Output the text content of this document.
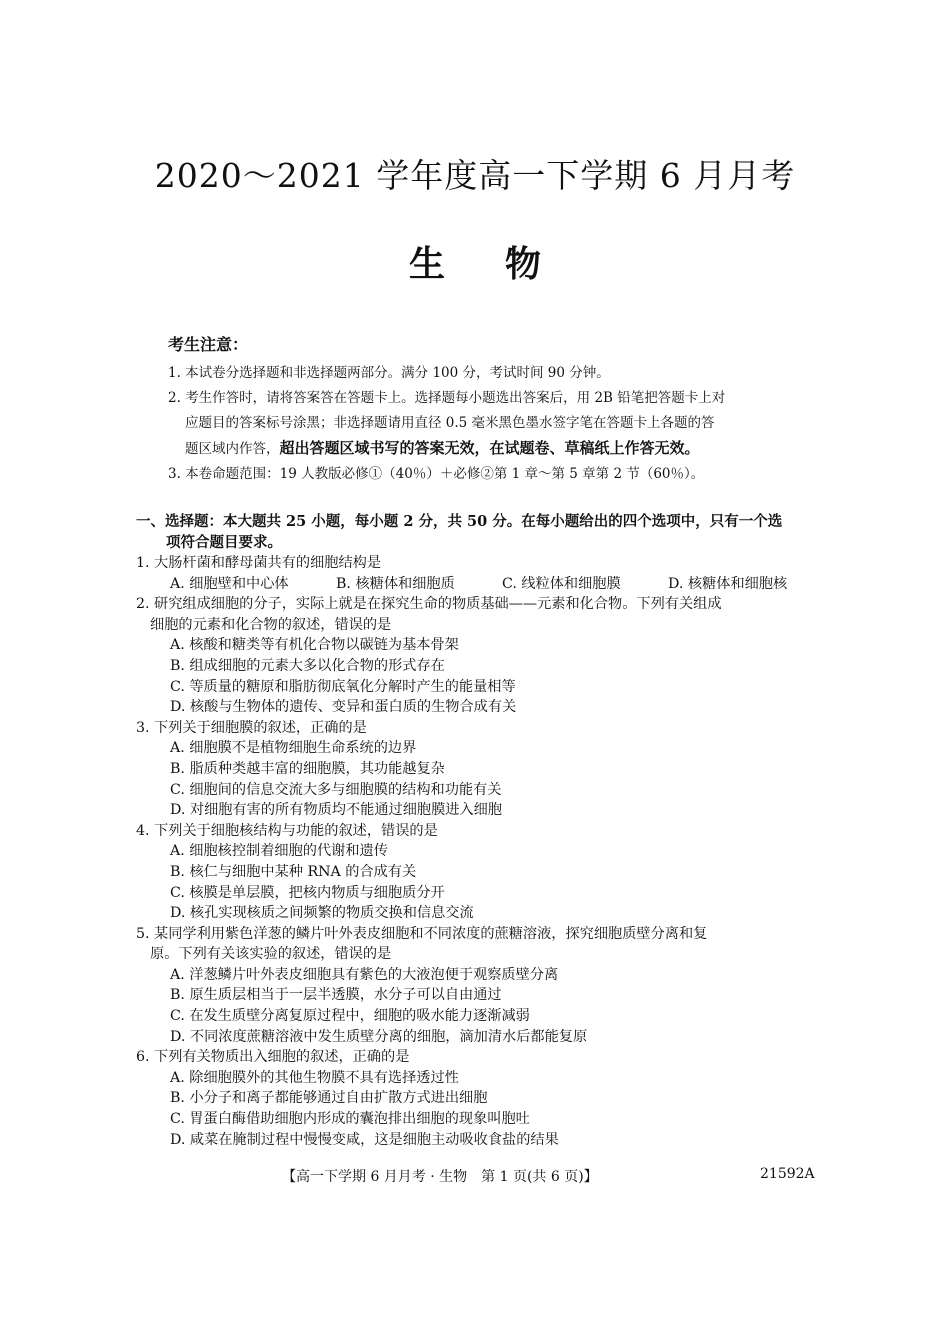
2020～2021 学年度高一下学期 6 月月考
生物
考生注意：

1. 本试卷分选择题和非选择题两部分。满分 100 分，考试时间 90 分钟。

2. 考生作答时，请将答案答在答题卡上。选择题每小题选出答案后，用 2B 铅笔把答题卡上对

应题目的答案标号涂黑；非选择题请用直径 0.5 毫米黑色墨水签字笔在答题卡上各题的答

题区域内作答，超出答题区域书写的答案无效，在试题卷、草稿纸上作答无效。

3. 本卷命题范围：19 人教版必修①（40％）＋必修②第 1 章～第 5 章第 2 节（60％）。

一、选择题：本大题共 25 小题，每小题 2 分，共 50 分。在每小题给出的四个选项中，只有一个选
项符合题目要求。
1. 大肠杆菌和酵母菌共有的细胞结构是
A. 细胞壁和中心体	B. 核糖体和细胞质	C. 线粒体和细胞膜	D. 核糖体和细胞核
2. 研究组成细胞的分子，实际上就是在探究生命的物质基础——元素和化合物。下列有关组成
细胞的元素和化合物的叙述，错误的是
A. 核酸和糖类等有机化合物以碳链为基本骨架
B. 组成细胞的元素大多以化合物的形式存在
C. 等质量的糖原和脂肪彻底氧化分解时产生的能量相等
D. 核酸与生物体的遗传、变异和蛋白质的生物合成有关
3. 下列关于细胞膜的叙述，正确的是
A. 细胞膜不是植物细胞生命系统的边界
B. 脂质种类越丰富的细胞膜，其功能越复杂
C. 细胞间的信息交流大多与细胞膜的结构和功能有关
D. 对细胞有害的所有物质均不能通过细胞膜进入细胞
4. 下列关于细胞核结构与功能的叙述，错误的是
A. 细胞核控制着细胞的代谢和遗传
B. 核仁与细胞中某种 RNA 的合成有关
C. 核膜是单层膜，把核内物质与细胞质分开
D. 核孔实现核质之间频繁的物质交换和信息交流
5. 某同学利用紫色洋葱的鳞片叶外表皮细胞和不同浓度的蔗糖溶液，探究细胞质壁分离和复
原。下列有关该实验的叙述，错误的是
A. 洋葱鳞片叶外表皮细胞具有紫色的大液泡便于观察质壁分离
B. 原生质层相当于一层半透膜，水分子可以自由通过
C. 在发生质壁分离复原过程中，细胞的吸水能力逐渐减弱
D. 不同浓度蔗糖溶液中发生质壁分离的细胞，滴加清水后都能复原
6. 下列有关物质出入细胞的叙述，正确的是
A. 除细胞膜外的其他生物膜不具有选择透过性
B. 小分子和离子都能够通过自由扩散方式进出细胞
C. 胃蛋白酶借助细胞内形成的囊泡排出细胞的现象叫胞吐
D. 咸菜在腌制过程中慢慢变咸，这是细胞主动吸收食盐的结果
【高一下学期 6 月月考 · 生物　第 1 页(共 6 页)】	21592A
